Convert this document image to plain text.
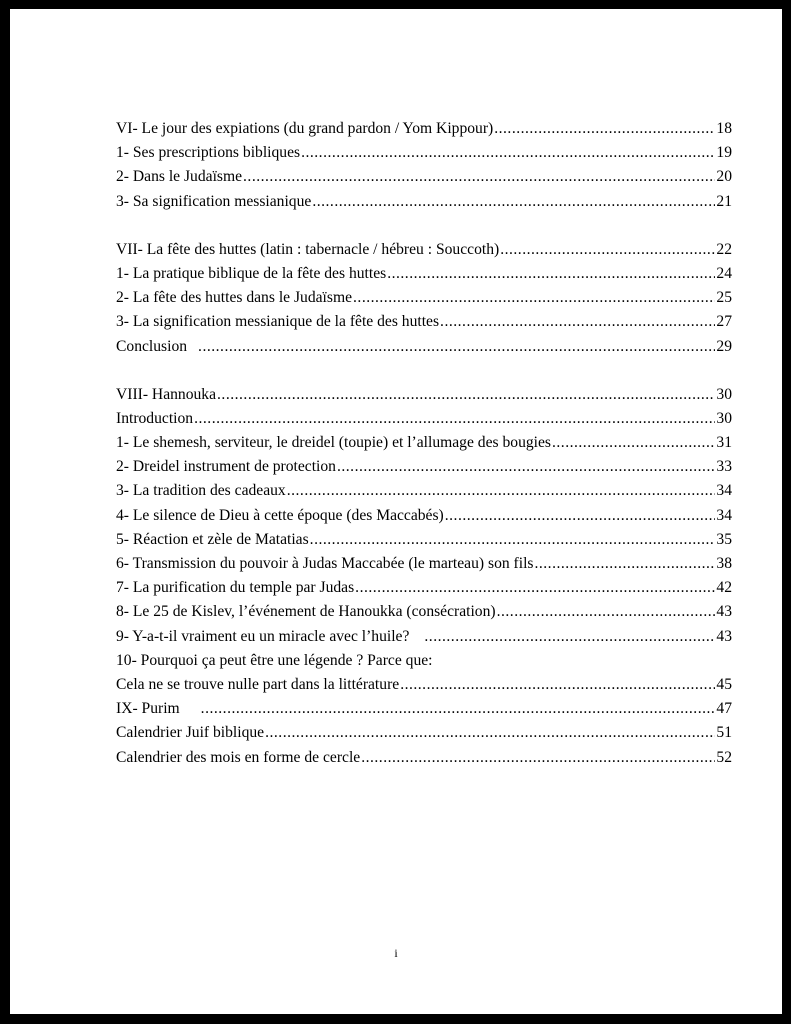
VI- Le jour des expiations (du grand pardon / Yom Kippour) .....	18
1- Ses prescriptions bibliques .....	19
2- Dans le Judaïsme .....	20
3- Sa signification messianique .....	21
VII- La fête des huttes (latin : tabernacle / hébreu : Souccoth) .....	22
1- La pratique biblique de la fête des huttes .....	24
2- La fête des huttes dans le Judaïsme .....	25
3- La signification messianique de la fête des huttes .....	27
Conclusion .....	29
VIII- Hannouka .....	30
Introduction .....	30
1- Le shemesh, serviteur, le dreidel (toupie) et l’allumage des bougies .....	31
2- Dreidel instrument de protection .....	33
3- La tradition des cadeaux .....	34
4- Le silence de Dieu à cette époque (des Maccabés) .....	34
5- Réaction et zèle de Matatias .....	35
6- Transmission du pouvoir à Judas Maccabée (le marteau) son fils .....	38
7- La purification du temple par Judas .....	42
8- Le 25 de Kislev, l’événement de Hanoukka (consécration) .....	43
9- Y-a-t-il vraiment eu un miracle avec l’huile? .....	43
10- Pourquoi ça peut être une légende ? Parce que:
Cela ne se trouve nulle part dans la littérature .....	45
IX- Purim .....	47
Calendrier Juif biblique .....	51
Calendrier des mois en forme de cercle .....	52
i
